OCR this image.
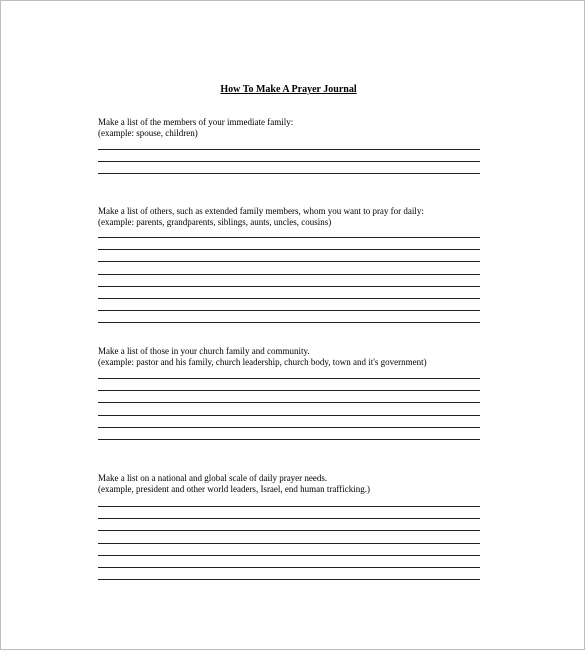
How To Make A Prayer Journal
Make a list of the members of your immediate family:
(example: spouse, children)
Make a list of others, such as extended family members, whom you want to pray for daily:
(example: parents, grandparents, siblings, aunts, uncles, cousins)
Make a list of those in your church family and community.
(example: pastor and his family, church leadership, church body, town and it's government)
Make a list on a national and global scale of daily prayer needs.
(example, president and other world leaders, Israel, end human trafficking.)
